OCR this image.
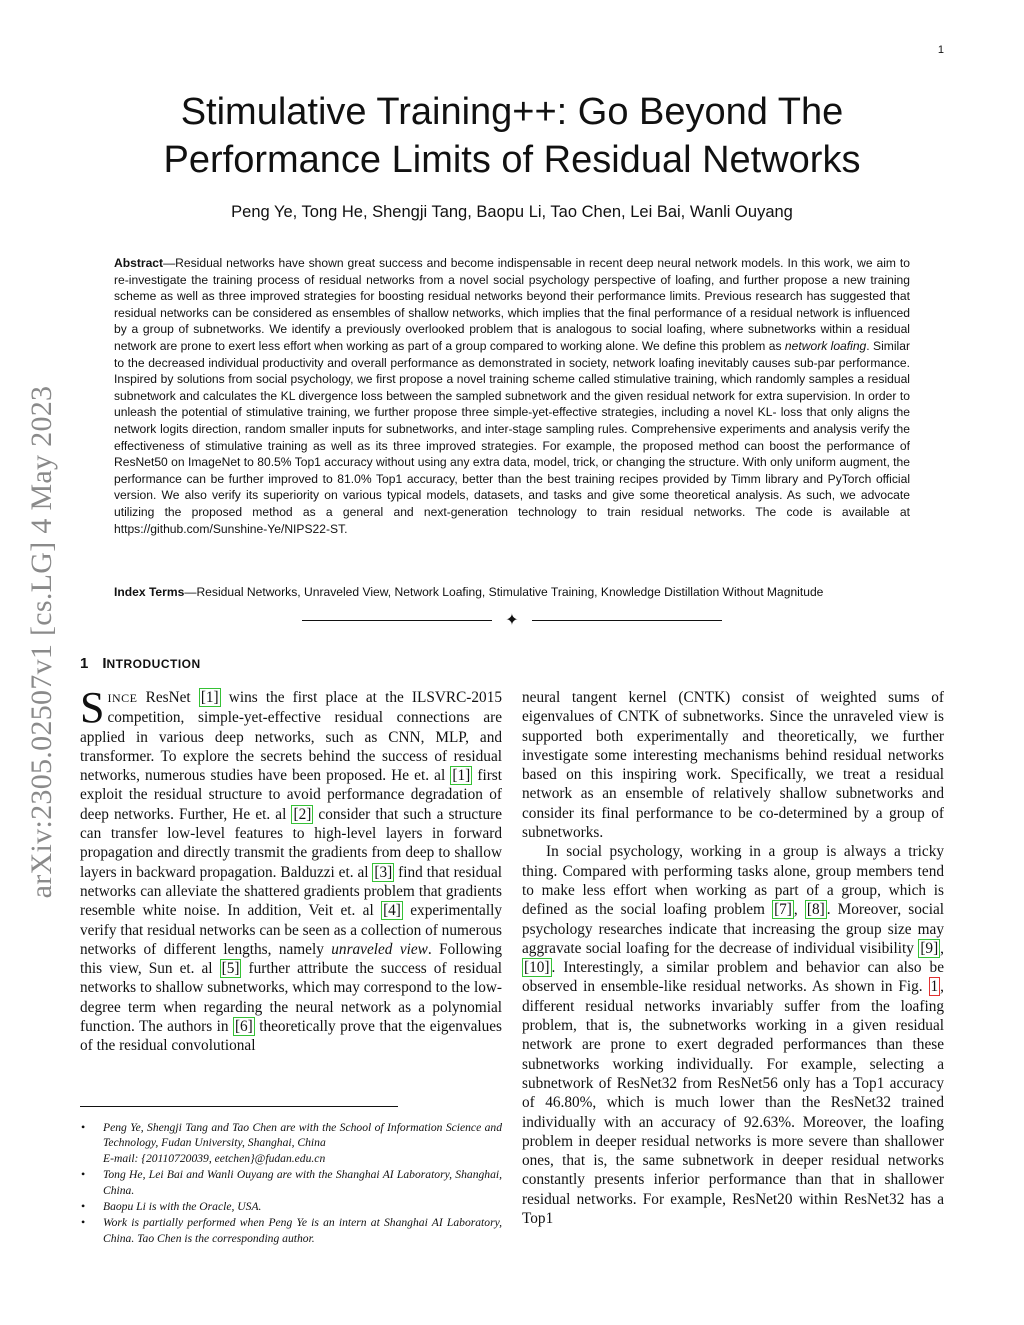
1
Stimulative Training++: Go Beyond The
Performance Limits of Residual Networks
Peng Ye, Tong He, Shengji Tang, Baopu Li, Tao Chen, Lei Bai, Wanli Ouyang

Abstract—Residual networks have shown great success and become indispensable in recent deep neural network models. In this work, we aim to re-investigate the training process of residual networks from a novel social psychology perspective of loafing, and further propose a new training scheme as well as three improved strategies for boosting residual networks beyond their performance limits. Previous research has suggested that residual networks can be considered as ensembles of shallow networks, which implies that the final performance of a residual network is influenced by a group of subnetworks. We identify a previously overlooked problem that is analogous to social loafing, where subnetworks within a residual network are prone to exert less effort when working as part of a group compared to working alone. We define this problem as network loafing. Similar to the decreased individual productivity and overall performance as demonstrated in society, network loafing inevitably causes sub-par performance. Inspired by solutions from social psychology, we first propose a novel training scheme called stimulative training, which randomly samples a residual subnetwork and calculates the KL divergence loss between the sampled subnetwork and the given residual network for extra supervision. In order to unleash the potential of stimulative training, we further propose three simple-yet-effective strategies, including a novel KL- loss that only aligns the network logits direction, random smaller inputs for subnetworks, and inter-stage sampling rules. Comprehensive experiments and analysis verify the effectiveness of stimulative training as well as its three improved strategies. For example, the proposed method can boost the performance of ResNet50 on ImageNet to 80.5% Top1 accuracy without using any extra data, model, trick, or changing the structure. With only uniform augment, the performance can be further improved to 81.0% Top1 accuracy, better than the best training recipes provided by Timm library and PyTorch official version. We also verify its superiority on various typical models, datasets, and tasks and give some theoretical analysis. As such, we advocate utilizing the proposed method as a general and next-generation technology to train residual networks. The code is available at https://github.com/Sunshine-Ye/NIPS22-ST.

Index Terms—Residual Networks, Unraveled View, Network Loafing, Stimulative Training, Knowledge Distillation Without Magnitude

✦
arXiv:2305.02507v1 [cs.LG] 4 May 2023 1 INTRODUCTION

SINCE ResNet [1] wins the first place at the ILSVRC-2015 competition, simple-yet-effective residual connections are applied in various deep networks, such as CNN, MLP, and transformer. To explore the secrets behind the success of residual networks, numerous studies have been proposed. He et. al [1] first exploit the residual structure to avoid performance degradation of deep networks. Further, He et. al [2] consider that such a structure can transfer low-level features to high-level layers in forward propagation and directly transmit the gradients from deep to shallow layers in backward propagation. Balduzzi et. al [3] find that residual networks can alleviate the shattered gradients problem that gradients resemble white noise. In addition, Veit et. al [4] experimentally verify that residual networks can be seen as a collection of numerous networks of different lengths, namely unraveled view. Following this view, Sun et. al [5] further attribute the success of residual networks to shallow subnetworks, which may correspond to the low-degree term when regarding the neural network as a polynomial function. The authors in [6] theoretically prove that the eigenvalues of the residual convolutional

neural tangent kernel (CNTK) consist of weighted sums of eigenvalues of CNTK of subnetworks. Since the unraveled view is supported both experimentally and theoretically, we further investigate some interesting mechanisms behind residual networks based on this inspiring work. Specifically, we treat a residual network as an ensemble of relatively shallow subnetworks and consider its final performance to be co-determined by a group of subnetworks.

In social psychology, working in a group is always a tricky thing. Compared with performing tasks alone, group members tend to make less effort when working as part of a group, which is defined as the social loafing problem [7] , [8] . Moreover, social psychology researches indicate that increasing the group size may aggravate social loafing for the decrease of individual visibility [9] , [10] . Interestingly, a similar problem and behavior can also be observed in ensemble-like residual networks. As shown in Fig. 1 , different residual networks invariably suffer from the loafing problem, that is, the subnetworks working in a given residual network are prone to exert degraded performances than these subnetworks working individually. For example, selecting a subnetwork of ResNet32 from ResNet56 only has a Top1 accuracy of 46.80%, which is much lower than the ResNet32 trained individually with an accuracy of 92.63%. Moreover, the loafing problem in deeper residual networks is more severe than shallower ones, that is, the same subnetwork in deeper residual networks constantly presents inferior performance than that in shallower residual networks. For example, ResNet20 within ResNet32 has a Top1

• Peng Ye, Shengji Tang and Tao Chen are with the School of Information Science and Technology, Fudan University, Shanghai, China
E-mail: {20110720039, eetchen}@fudan.edu.cn
• Tong He, Lei Bai and Wanli Ouyang are with the Shanghai AI Laboratory, Shanghai, China.
• Baopu Li is with the Oracle, USA.
• Work is partially performed when Peng Ye is an intern at Shanghai AI Laboratory, China. Tao Chen is the corresponding author.
